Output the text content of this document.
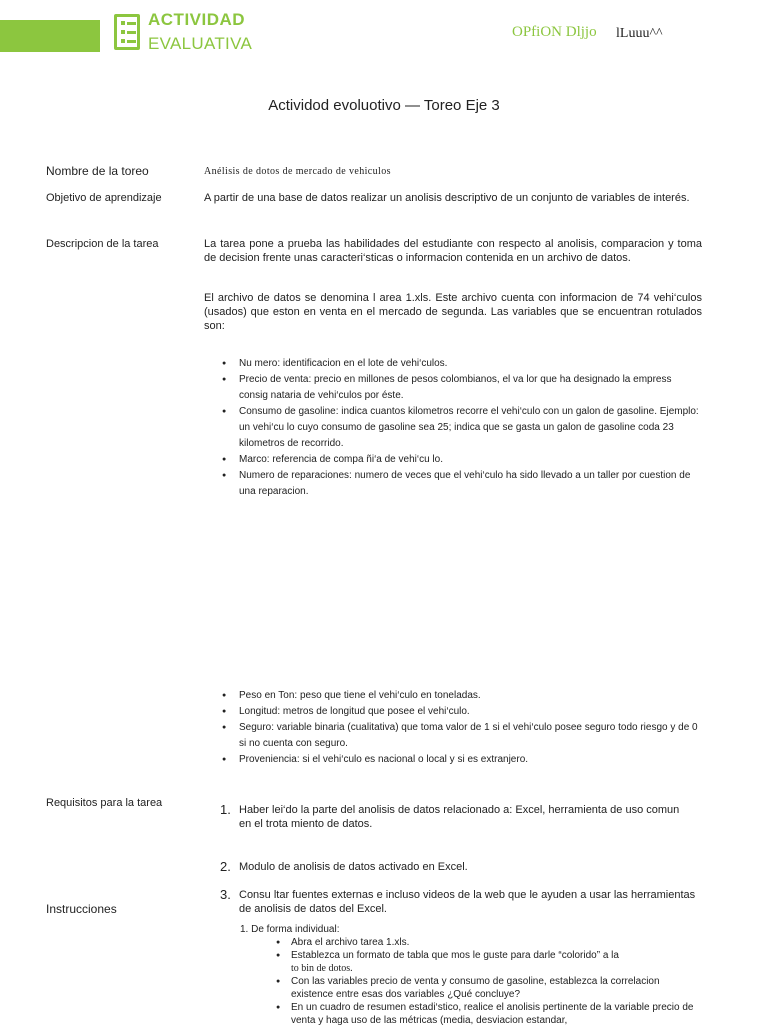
ACTIVIDAD
EVALUATIVA
OPfiON Dljjo lLuuu^^
Actividod evoluotivo — Toreo Eje 3
Nombre de la toreo	Anélisis de dotos de mercado de vehiculos
Objetivo de aprendizaje	A partir de una base de datos realizar un anolisis descriptivo de un conjunto de variables de interés.
Descripcion de la tarea	La tarea pone a prueba las habilidades del estudiante con respecto al anolisis, comparacion y toma de decision frente unas caracteri‘sticas o informacion contenida en un archivo de datos.
El archivo de datos se denomina l area 1.xls. Este archivo cuenta con informacion de 74 vehi‘culos (usados) que eston en venta en el mercado de segunda. Las variables que se encuentran rotulados son:
● Nu mero: identificacion en el lote de vehi‘culos.
● Precio de venta: precio en millones de pesos colombianos, el va lor que ha designado la empress consig nataria de vehi‘culos por éste.
● Consumo de gasoline: indica cuantos kilometros recorre el vehi‘culo con un galon de gasoline. Ejemplo: un vehi‘cu lo cuyo consumo de gasoline sea 25; indica que se gasta un galon de gasoline coda 23 kilometros de recorrido.
● Marco: referencia de compa ñi‘a de vehi‘cu lo.
● Numero de reparaciones: numero de veces que el vehi‘culo ha sido llevado a un taller por cuestion de una reparacion.
● Peso en Ton: peso que tiene el vehi‘culo en toneladas.
● Longitud: metros de longitud que posee el vehi‘culo.
● Seguro: variable binaria (cualitativa) que toma valor de 1 si el vehi‘culo posee seguro todo riesgo y de 0 si no cuenta con seguro.
● Proveniencia: si el vehi‘culo es nacional o local y si es extranjero.
Requisitos para la tarea	1. Haber lei‘do la parte del anolisis de datos relacionado a: Excel, herramienta de uso comun
en el trota miento de datos.
2. Modulo de anolisis de datos activado en Excel.
3. Consu ltar fuentes externas e incluso videos de la web que le ayuden a usar las herramientas de anolisis de datos del Excel.
Instrucciones
1. De forma individual:
● Abra el archivo tarea 1.xls.
● Establezca un formato de tabla que mos le guste para darle “colorido” a la
to bin de dotos.
● Con las variables precio de venta y consumo de gasoline, establezca la correlacion existence entre esas dos variables ¿Qué concluye?
● En un cuadro de resumen estadi‘stico, realice el anolisis pertinente de la variable precio de venta y haga uso de las métricas (media, desviacion estandar,
